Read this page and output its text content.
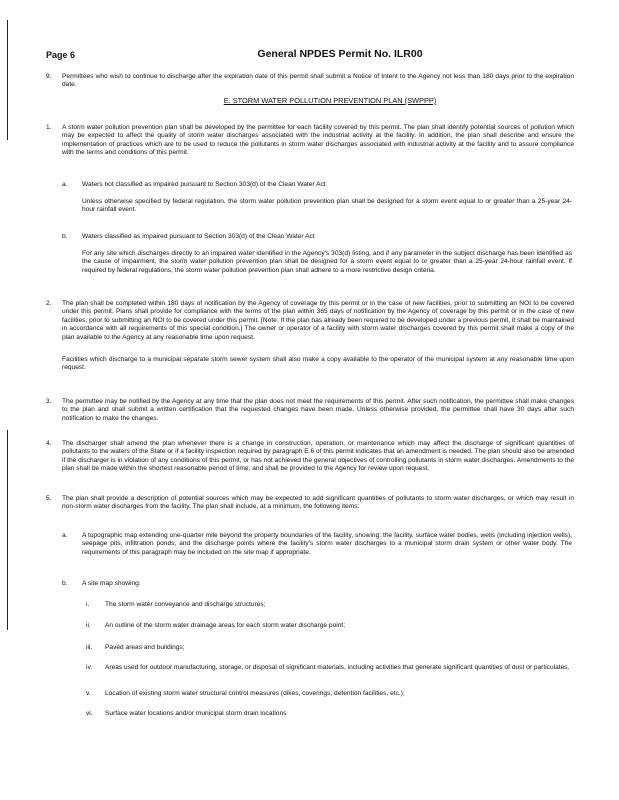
Page 6	General NPDES Permit No. ILR00
9. Permittees who wish to continue to discharge after the expiration date of this permit shall submit a Notice of Intent to the Agency not less than 180 days prior to the expiration date.
E. STORM WATER POLLUTION PREVENTION PLAN (SWPPP)
1. A storm water pollution prevention plan shall be developed by the permittee for each facility covered by this permit. The plan shall identify potential sources of pollution which may be expected to affect the quality of storm water discharges associated with the industrial activity at the facility. In addition, the plan shall describe and ensure the implementation of practices which are to be used to reduce the pollutants in storm water discharges associated with industrial activity at the facility and to assure compliance with the terms and conditions of this permit.
a. Waters not classified as impaired pursuant to Section 303(d) of the Clean Water Act
Unless otherwise specified by federal regulation, the storm water pollution prevention plan shall be designed for a storm event equal to or greater than a 25-year 24-hour rainfall event.
b. Waters classified as impaired pursuant to Section 303(d) of the Clean Water Act
For any site which discharges directly to an impaired water identified in the Agency's 303(d) listing, and if any parameter in the subject discharge has been identified as the cause of impairment, the storm water pollution prevention plan shall be designed for a storm event equal to or greater than a 25-year 24-hour rainfall event. If required by federal regulations, the storm water pollution prevention plan shall adhere to a more restrictive design criteria.
2. The plan shall be completed within 180 days of notification by the Agency of coverage by this permit or in the case of new facilities, prior to submitting an NOI to be covered under this permit. Plans shall provide for compliance with the terms of the plan within 365 days of notification by the Agency of coverage by this permit or in the case of new facilities, prior to submitting an NOI to be covered under this permit. [Note: If the plan has already been required to be developed under a previous permit, it shall be maintained in accordance with all requirements of this special condition.] The owner or operator of a facility with storm water discharges covered by this permit shall make a copy of the plan available to the Agency at any reasonable time upon request.
Facilities which discharge to a municipal separate storm sewer system shall also make a copy available to the operator of the municipal system at any reasonable time upon request.
3. The permittee may be notified by the Agency at any time that the plan does not meet the requirements of this permit. After such notification, the permittee shall make changes to the plan and shall submit a written certification that the requested changes have been made. Unless otherwise provided, the permittee shall have 30 days after such notification to make the changes.
4. The discharger shall amend the plan whenever there is a change in construction, operation, or maintenance which may affect the discharge of significant quantities of pollutants to the waters of the State or if a facility inspection required by paragraph E.6 of this permit indicates that an amendment is needed. The plan should also be amended if the discharger is in violation of any conditions of this permit, or has not achieved the general objectives of controlling pollutants in storm water discharges. Amendments to the plan shall be made within the shortest reasonable period of time, and shall be provided to the Agency for review upon request.
5. The plan shall provide a description of potential sources which may be expected to add significant quantities of pollutants to storm water discharges, or which may result in non-storm water discharges from the facility. The plan shall include, at a minimum, the following items:
a. A topographic map extending one-quarter mile beyond the property boundaries of the facility, showing: the facility, surface water bodies, wells (including injection wells), seepage pits, infiltration ponds, and the discharge points where the facility's storm water discharges to a municipal storm drain system or other water body. The requirements of this paragraph may be included on the site map if appropriate.
b. A site map showing:
i. The storm water conveyance and discharge structures;
ii. An outline of the storm water drainage areas for each storm water discharge point;
iii. Paved areas and buildings;
iv. Areas used for outdoor manufacturing, storage, or disposal of significant materials, including activities that generate significant quantities of dust or particulates.
v. Location of existing storm water structural control measures (dikes, coverings, detention facilities, etc.);
vi. Surface water locations and/or municipal storm drain locations
